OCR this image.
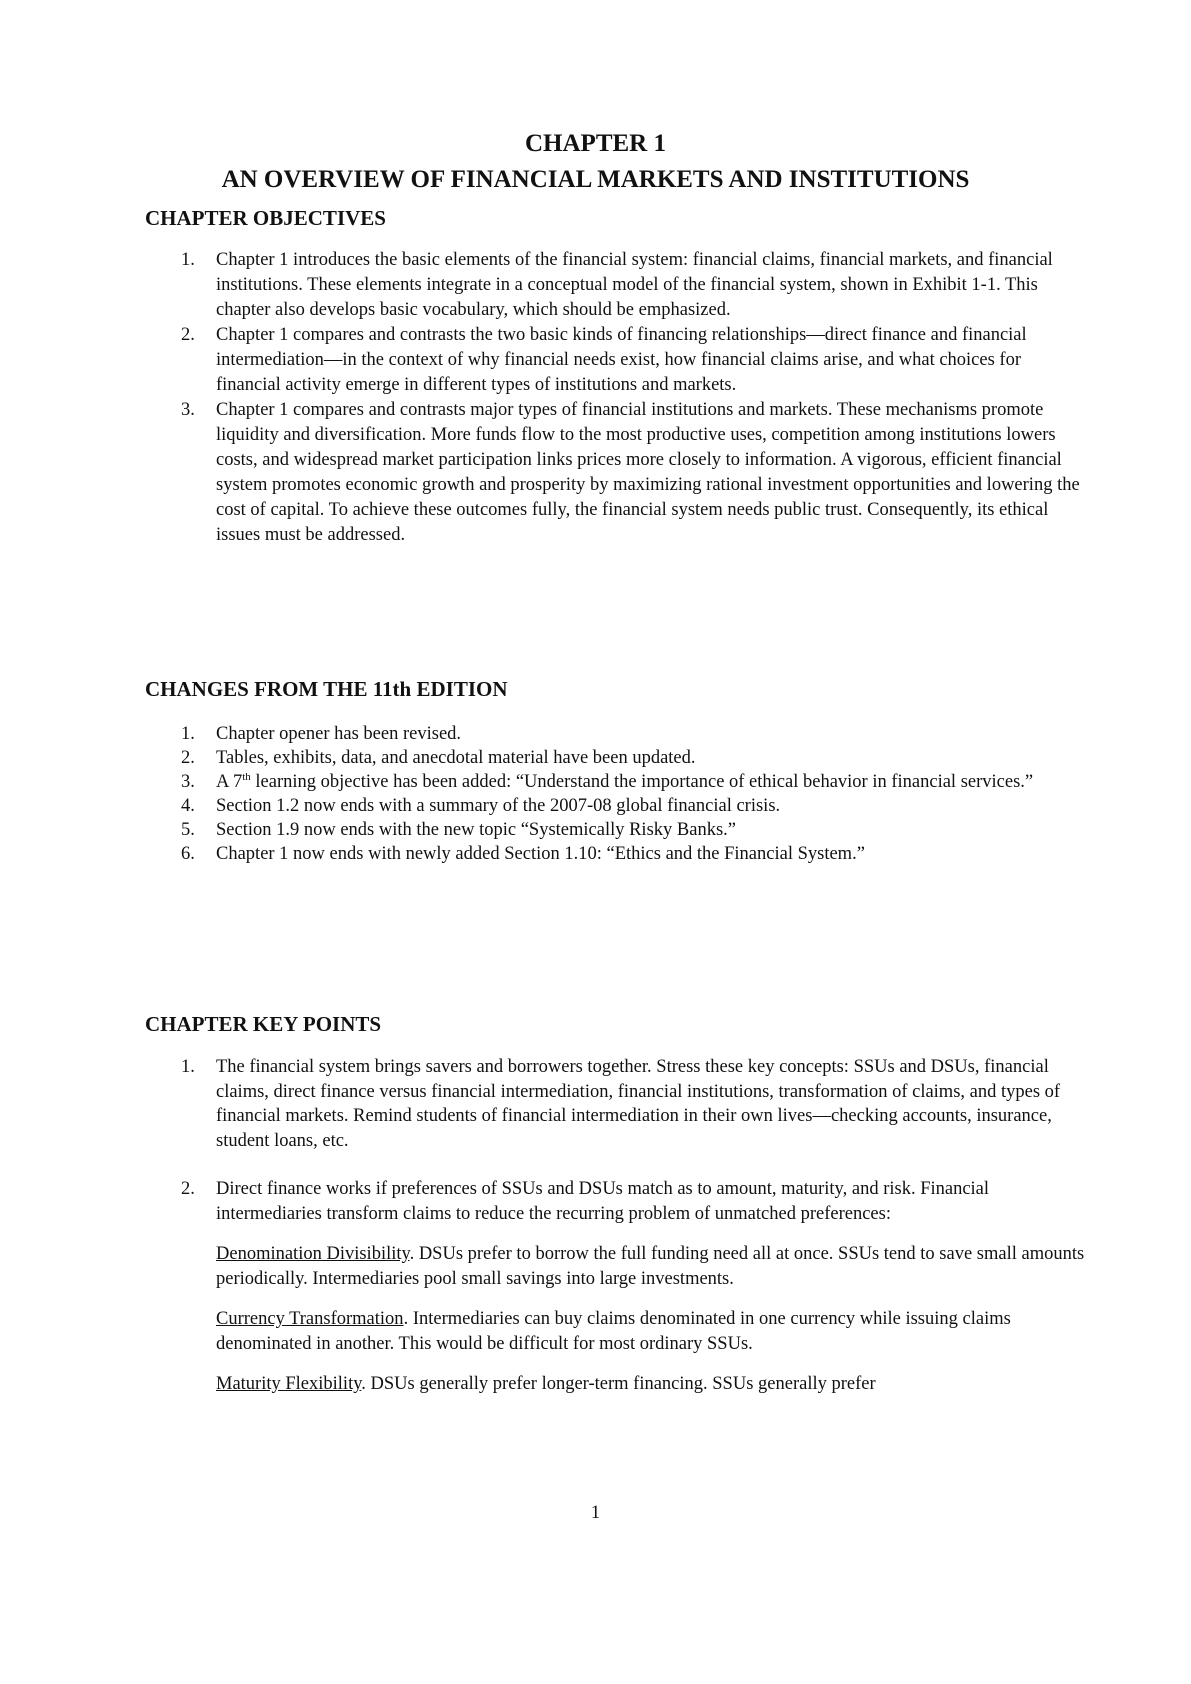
CHAPTER 1
AN OVERVIEW OF FINANCIAL MARKETS AND INSTITUTIONS
CHAPTER OBJECTIVES
1. Chapter 1 introduces the basic elements of the financial system: financial claims, financial markets, and financial institutions. These elements integrate in a conceptual model of the financial system, shown in Exhibit 1-1. This chapter also develops basic vocabulary, which should be emphasized.
2. Chapter 1 compares and contrasts the two basic kinds of financing relationships—direct finance and financial intermediation—in the context of why financial needs exist, how financial claims arise, and what choices for financial activity emerge in different types of institutions and markets.
3. Chapter 1 compares and contrasts major types of financial institutions and markets. These mechanisms promote liquidity and diversification. More funds flow to the most productive uses, competition among institutions lowers costs, and widespread market participation links prices more closely to information. A vigorous, efficient financial system promotes economic growth and prosperity by maximizing rational investment opportunities and lowering the cost of capital. To achieve these outcomes fully, the financial system needs public trust. Consequently, its ethical issues must be addressed.
CHANGES FROM THE 11th EDITION
1. Chapter opener has been revised.
2. Tables, exhibits, data, and anecdotal material have been updated.
3. A 7th learning objective has been added: “Understand the importance of ethical behavior in financial services.”
4. Section 1.2 now ends with a summary of the 2007-08 global financial crisis.
5. Section 1.9 now ends with the new topic “Systemically Risky Banks.”
6. Chapter 1 now ends with newly added Section 1.10: “Ethics and the Financial System.”
CHAPTER KEY POINTS
1. The financial system brings savers and borrowers together. Stress these key concepts: SSUs and DSUs, financial claims, direct finance versus financial intermediation, financial institutions, transformation of claims, and types of financial markets. Remind students of financial intermediation in their own lives—checking accounts, insurance, student loans, etc.
2. Direct finance works if preferences of SSUs and DSUs match as to amount, maturity, and risk. Financial intermediaries transform claims to reduce the recurring problem of unmatched preferences:

Denomination Divisibility. DSUs prefer to borrow the full funding need all at once. SSUs tend to save small amounts periodically. Intermediaries pool small savings into large investments.

Currency Transformation. Intermediaries can buy claims denominated in one currency while issuing claims denominated in another. This would be difficult for most ordinary SSUs.

Maturity Flexibility. DSUs generally prefer longer-term financing. SSUs generally prefer

1
